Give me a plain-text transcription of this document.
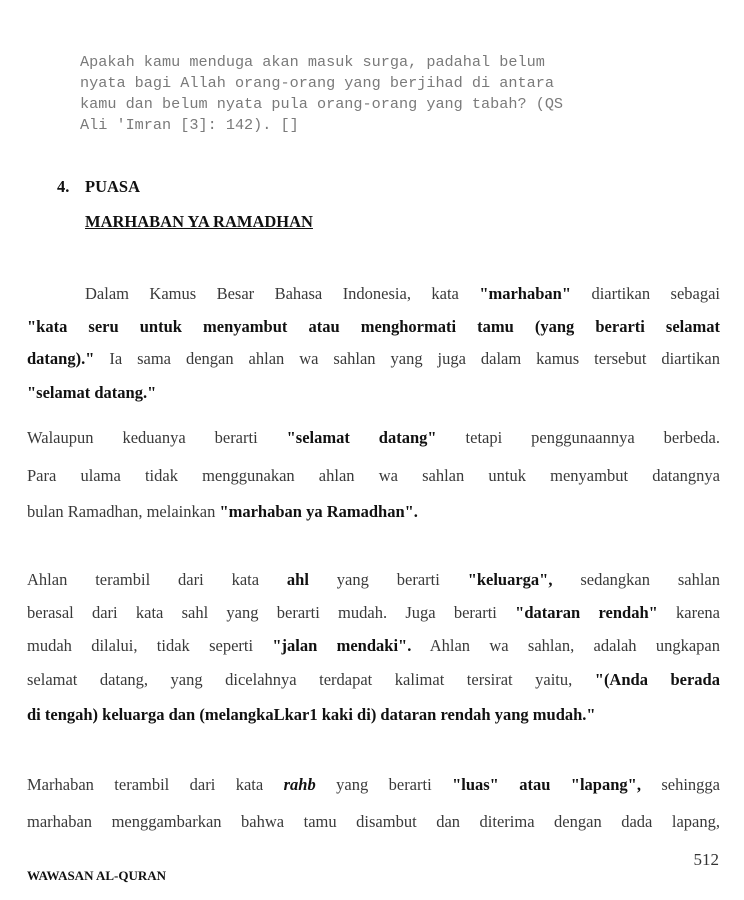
Apakah kamu menduga akan masuk surga, padahal belum
nyata bagi Allah orang-orang yang berjihad di antara
kamu dan belum nyata pula orang-orang yang tabah? (QS
Ali 'Imran [3]: 142). []
4. PUASA
MARHABAN YA RAMADHAN
Dalam Kamus Besar Bahasa Indonesia, kata "marhaban" diartikan sebagai
"kata seru untuk menyambut atau menghormati tamu (yang berarti selamat
datang)." Ia sama dengan ahlan wa sahlan yang juga dalam kamus tersebut diartikan
"selamat datang."
Walaupun keduanya berarti "selamat datang" tetapi penggunaannya berbeda.
Para ulama tidak menggunakan ahlan wa sahlan untuk menyambut datangnya
bulan Ramadhan, melainkan "marhaban ya Ramadhan".
Ahlan terambil dari kata ahl yang berarti "keluarga", sedangkan sahlan
berasal dari kata sahl yang berarti mudah. Juga berarti "dataran rendah" karena
mudah dilalui, tidak seperti "jalan mendaki". Ahlan wa sahlan, adalah ungkapan
selamat datang, yang dicelahnya terdapat kalimat tersirat yaitu, "(Anda berada
di tengah) keluarga dan (melangkaLkar1 kaki di) dataran rendah yang mudah."
Marhaban terambil dari kata rahb yang berarti "luas" atau "lapang", sehingga
marhaban menggambarkan bahwa tamu disambut dan diterima dengan dada lapang,
512
WAWASAN AL-QURAN
